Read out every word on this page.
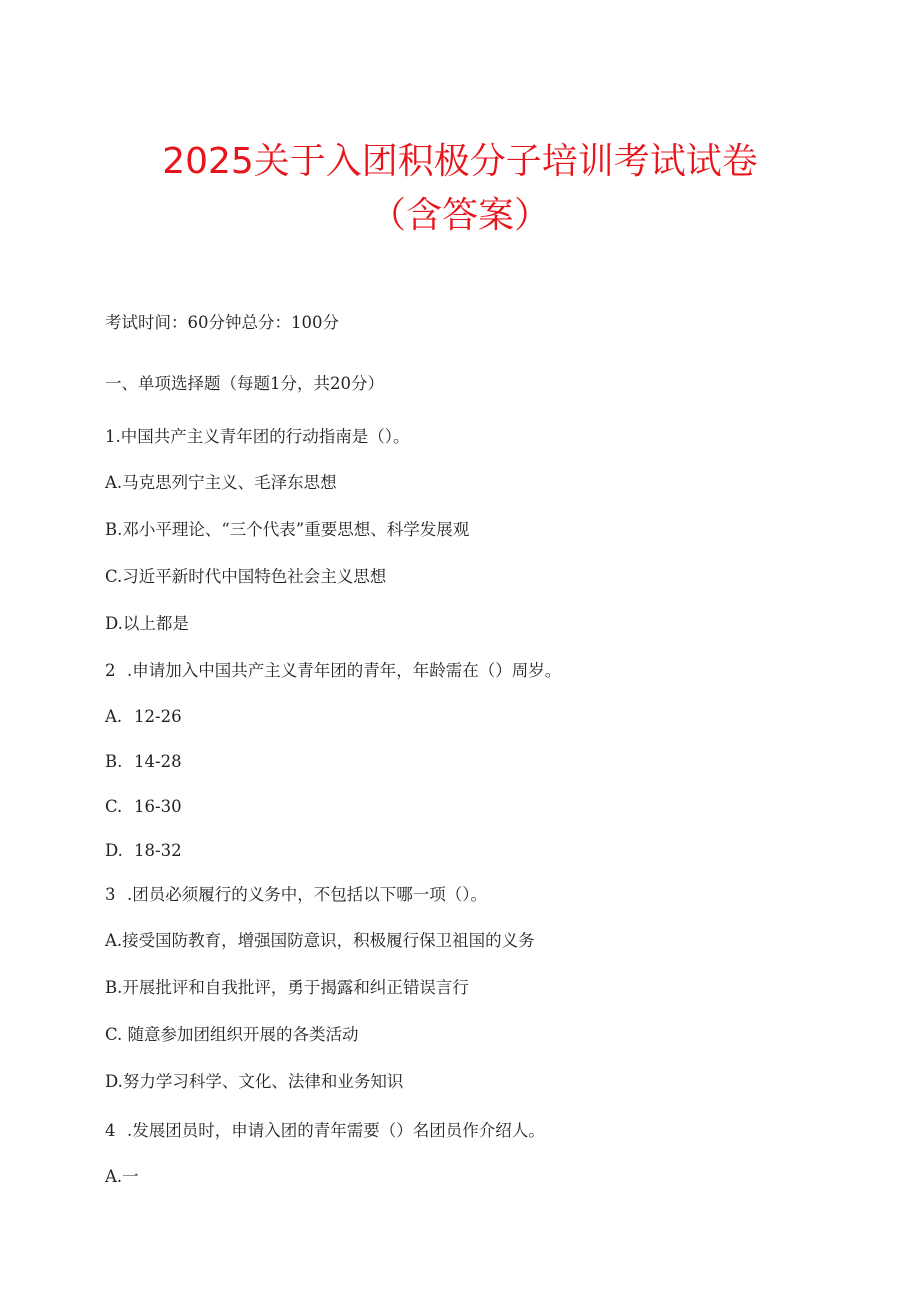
2025关于入团积极分子培训考试试卷
（含答案）
考试时间：60分钟总分：100分
一、单项选择题（每题1分，共20分）
1.中国共产主义青年团的行动指南是（）。
A.马克思列宁主义、毛泽东思想
B.邓小平理论、“三个代表”重要思想、科学发展观
C.习近平新时代中国特色社会主义思想
D.以上都是
2 .申请加入中国共产主义青年团的青年，年龄需在（）周岁。
A. 12-26
B. 14-28
C. 16-30
D. 18-32
3 .团员必须履行的义务中，不包括以下哪一项（）。
A.接受国防教育，增强国防意识，积极履行保卫祖国的义务
B.开展批评和自我批评，勇于揭露和纠正错误言行
C. 随意参加团组织开展的各类活动
D.努力学习科学、文化、法律和业务知识
4 .发展团员时，申请入团的青年需要（）名团员作介绍人。
A.一
